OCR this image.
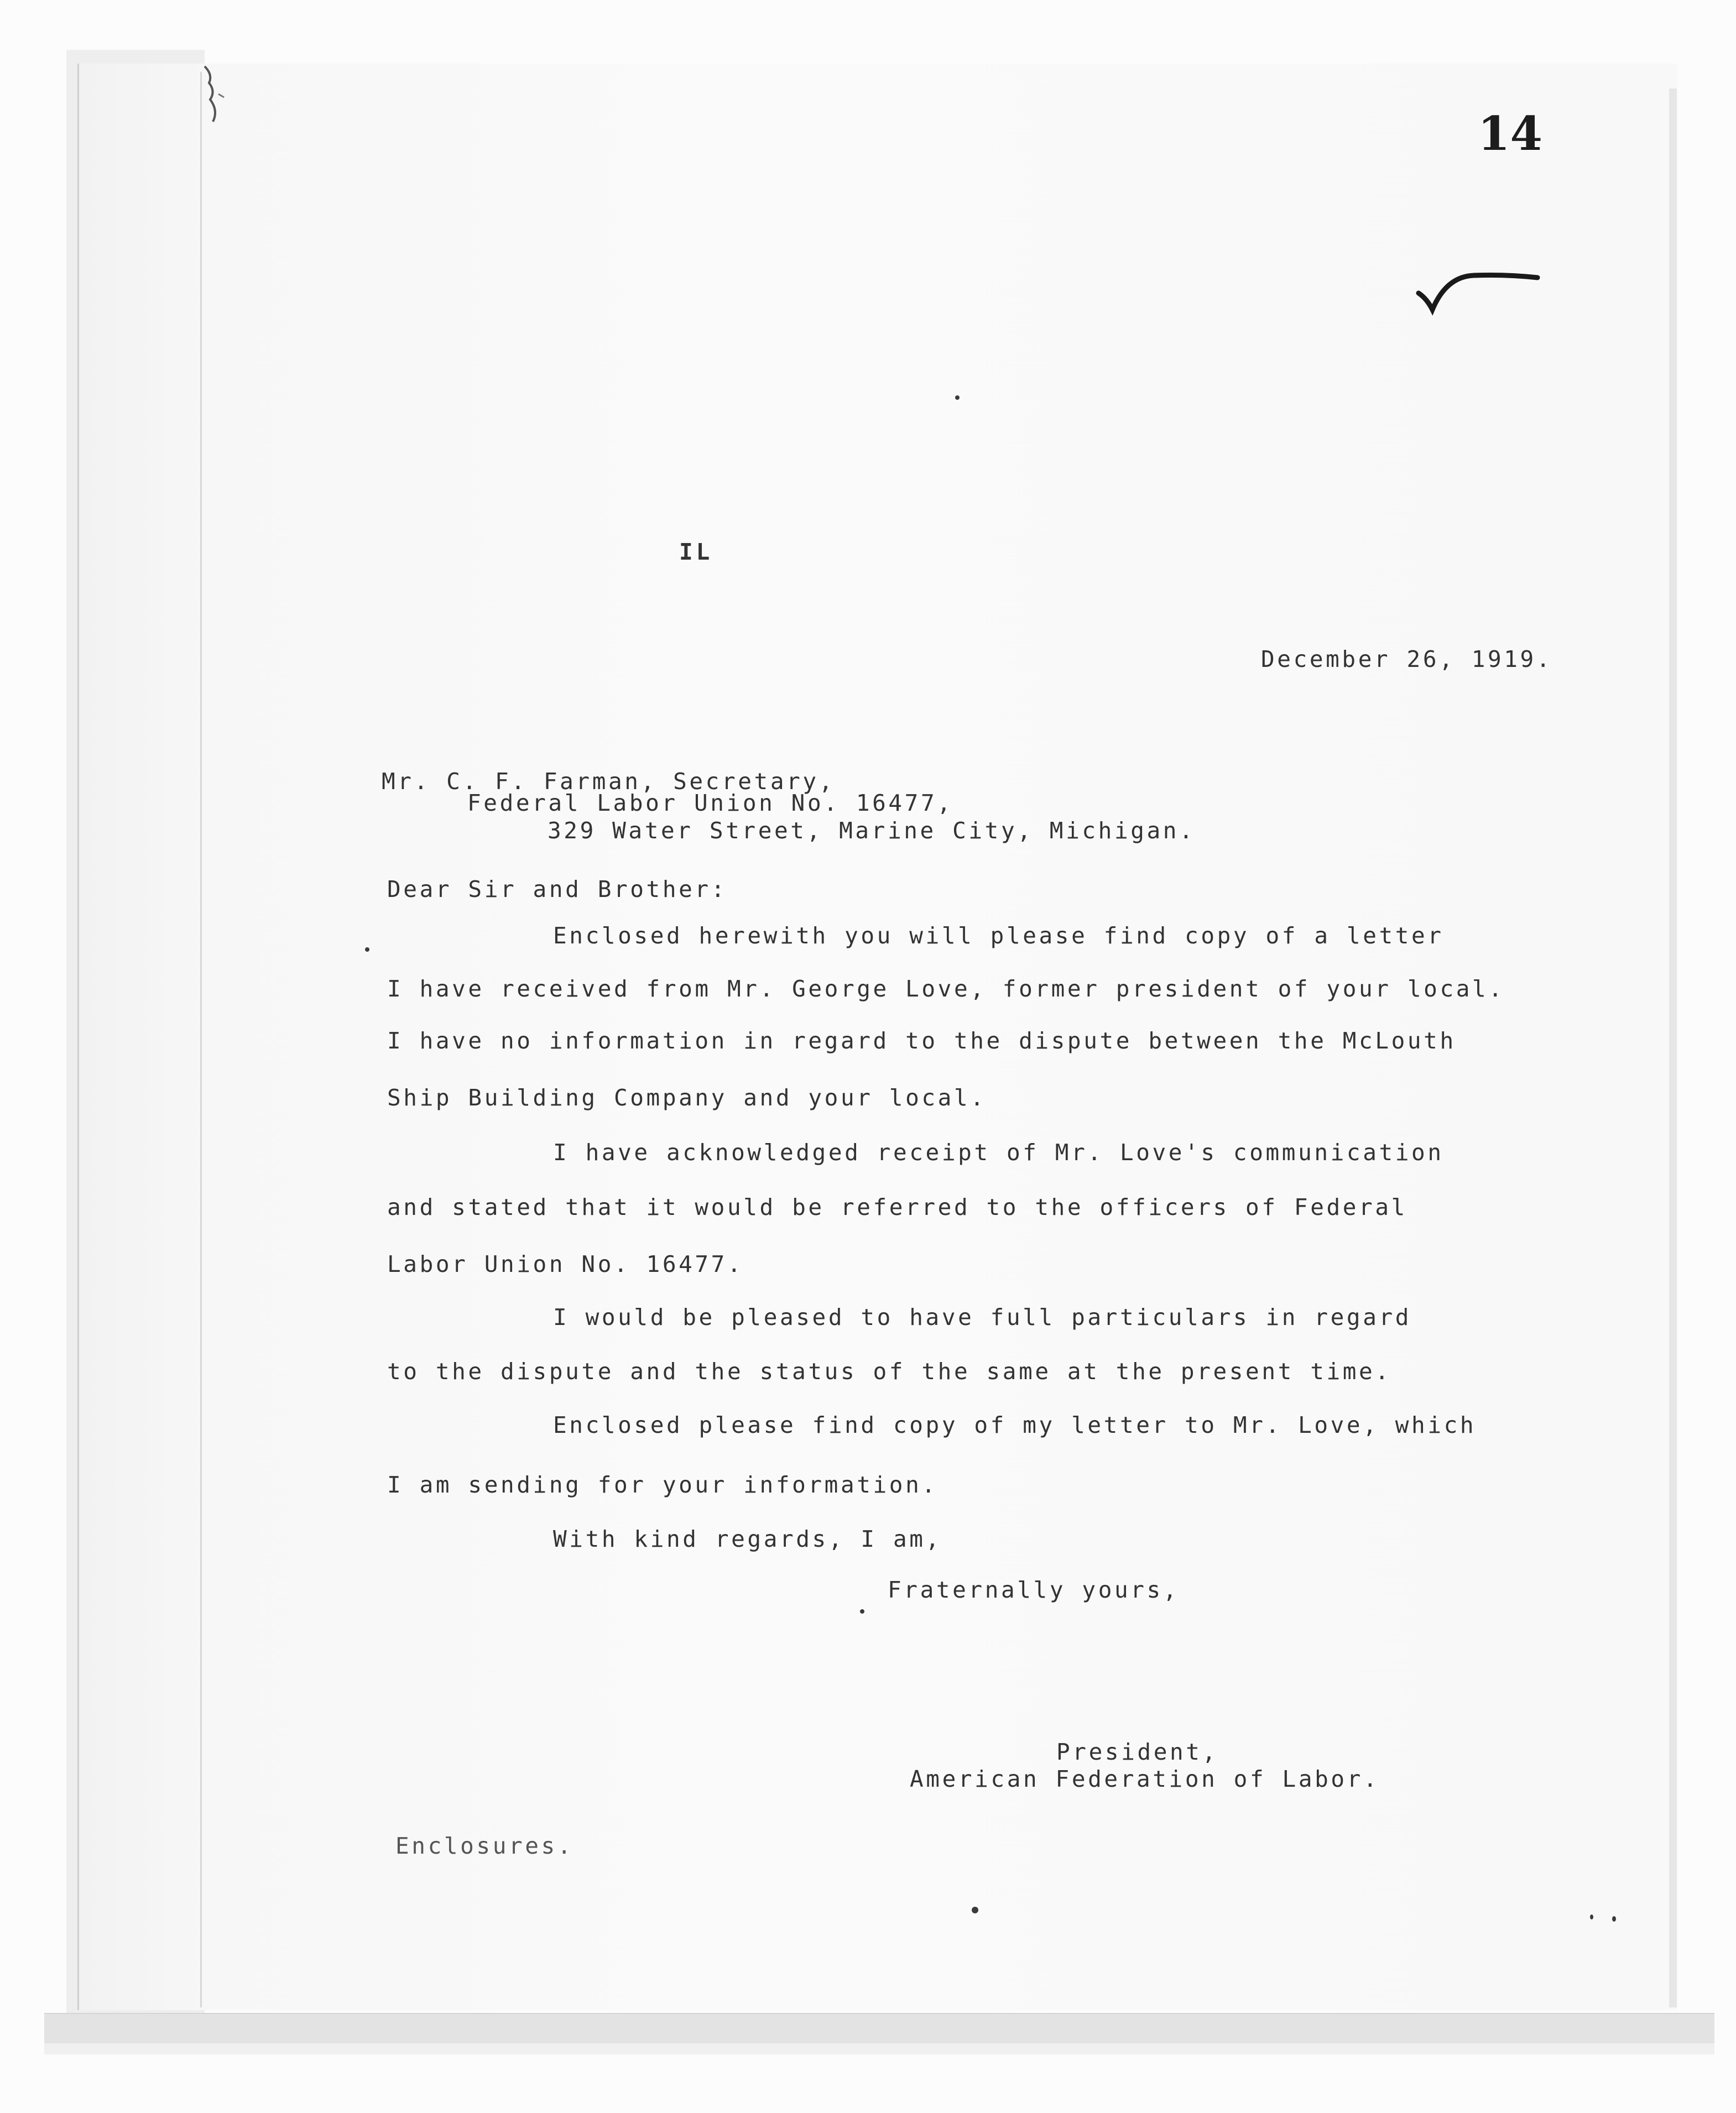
14
IL
December 26, 1919.
Mr. C. F. Farman, Secretary,
Federal Labor Union No. 16477,
329 Water Street, Marine City, Michigan.
Dear Sir and Brother:
Enclosed herewith you will please find copy of a letter
I have received from Mr. George Love, former president of your local.
I have no information in regard to the dispute between the McLouth
Ship Building Company and your local.
I have acknowledged receipt of Mr. Love's communication
and stated that it would be referred to the officers of Federal
Labor Union No. 16477.
I would be pleased to have full particulars in regard
to the dispute and the status of the same at the present time.
Enclosed please find copy of my letter to Mr. Love, which
I am sending for your information.
With kind regards, I am,
Fraternally yours,
President,
American Federation of Labor.
Enclosures.
